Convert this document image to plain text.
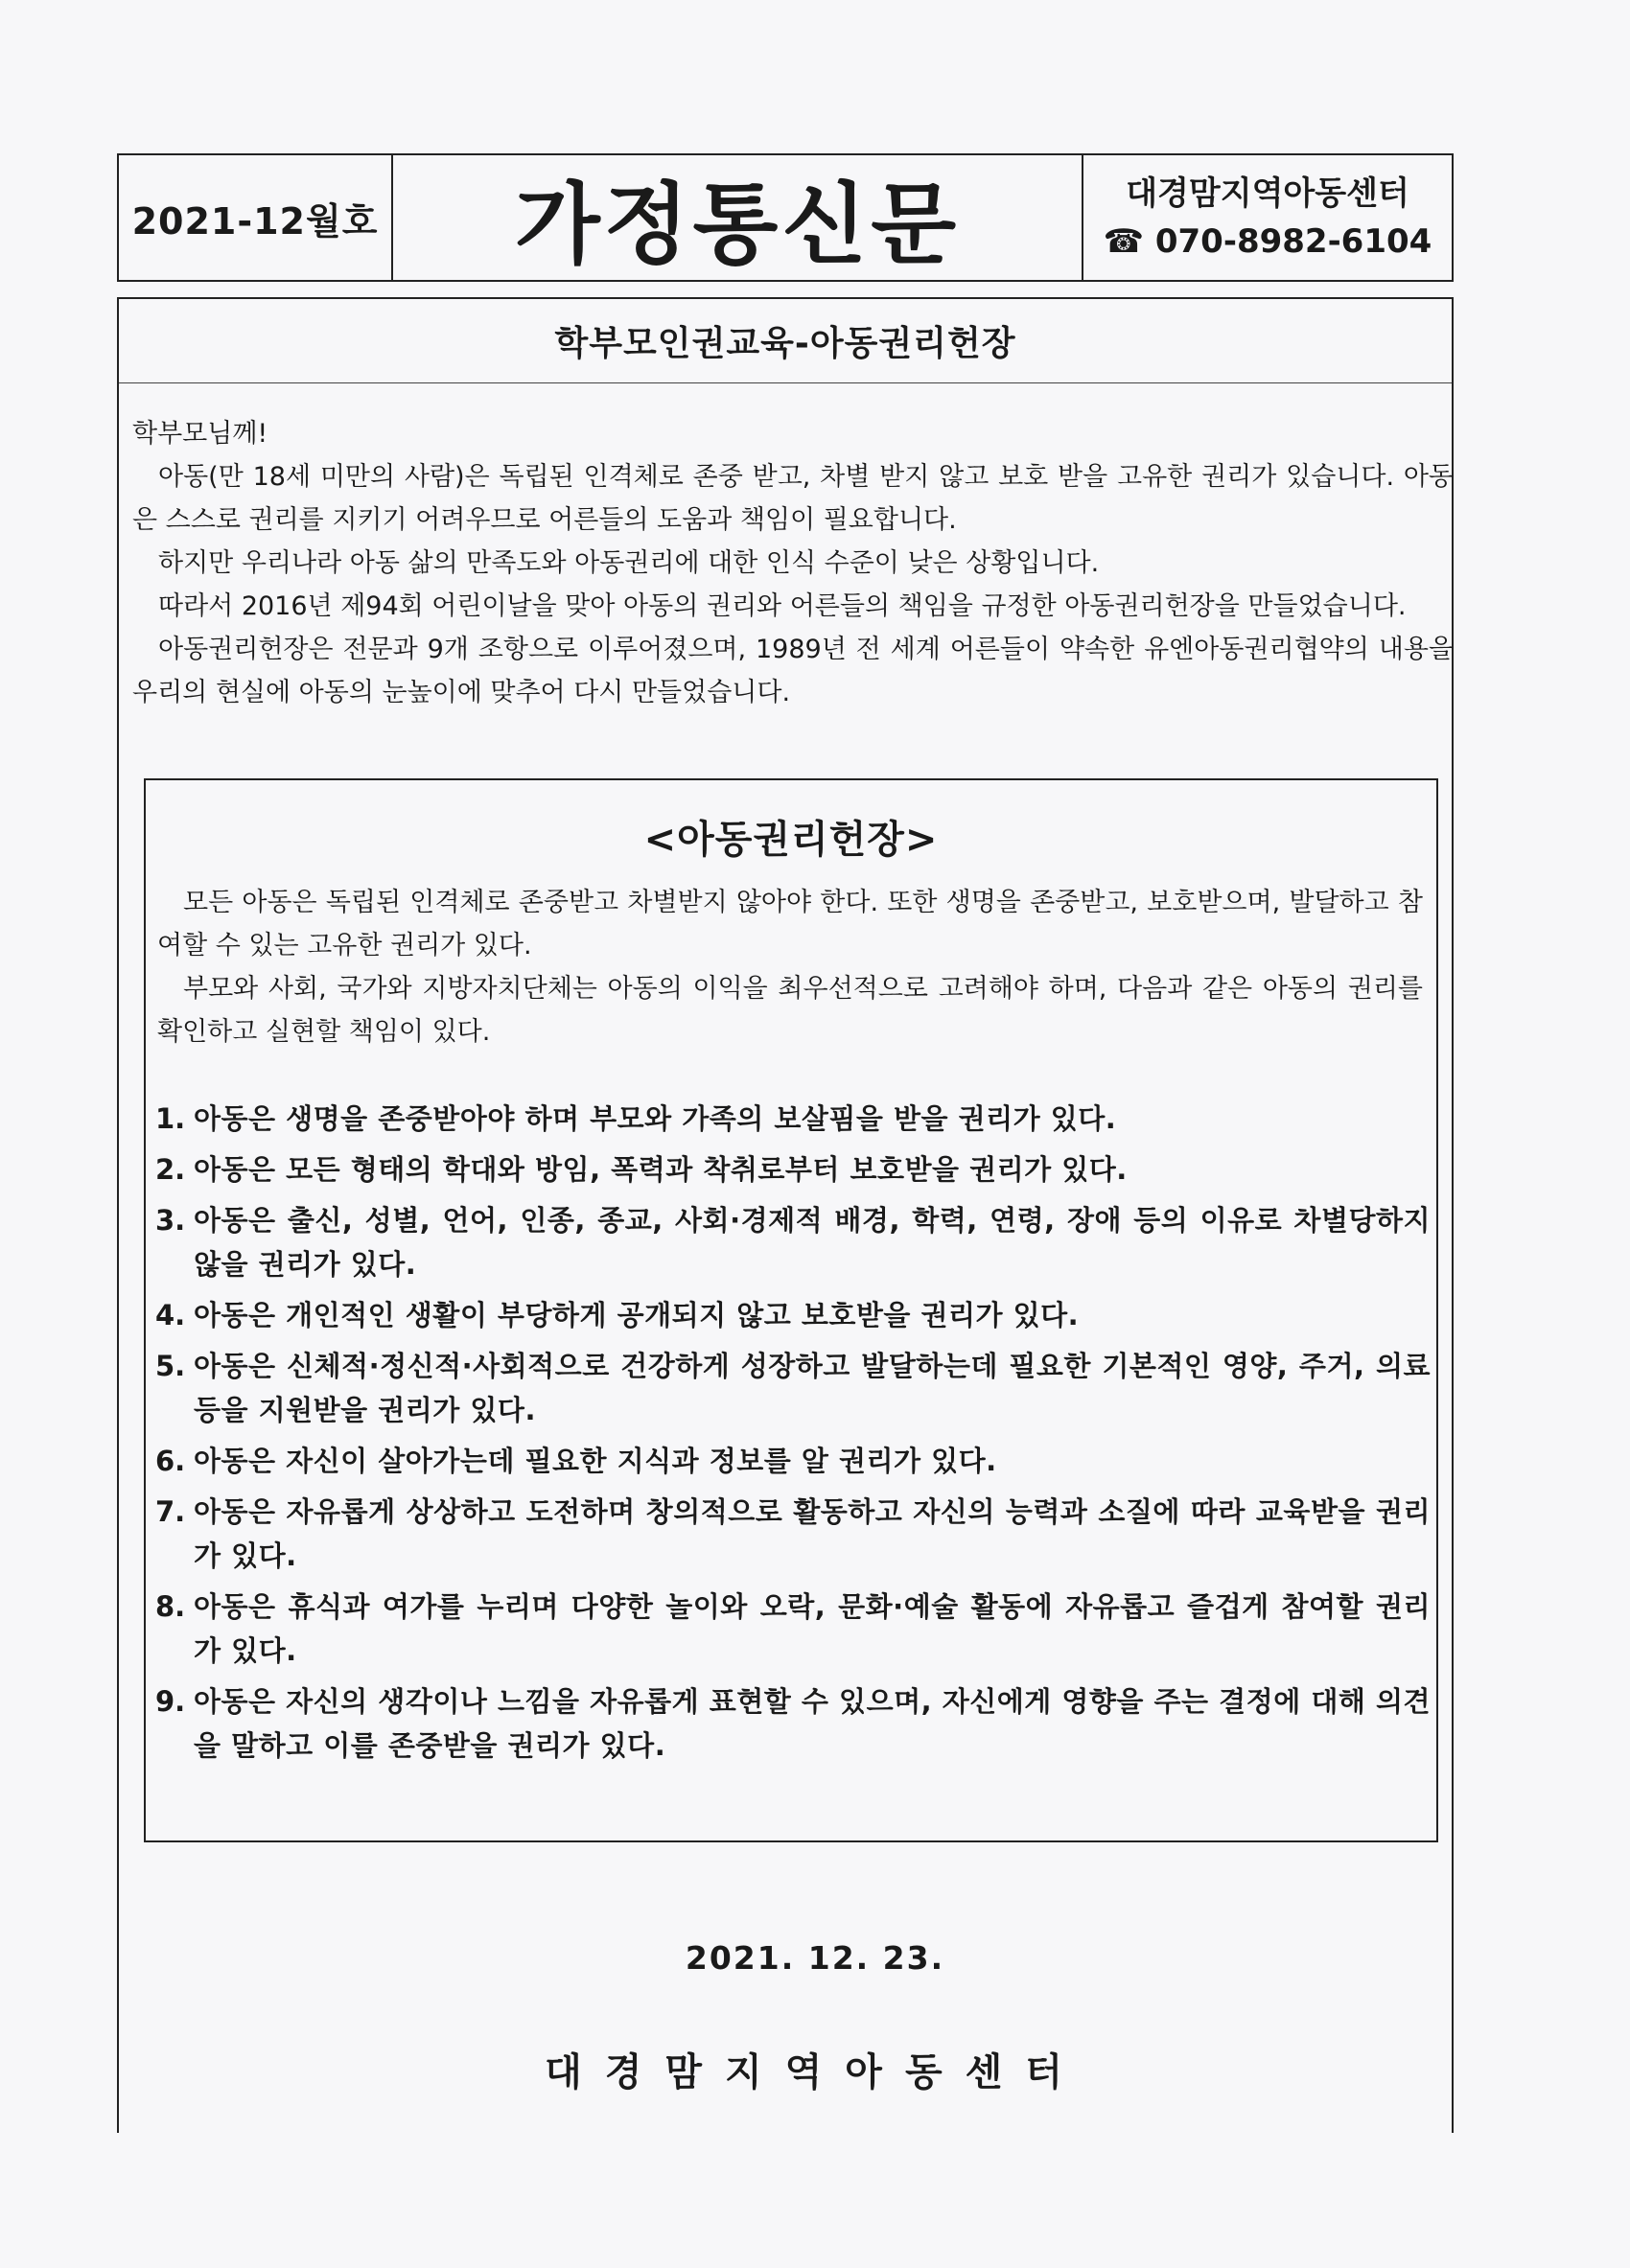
2021-12월호	가정통신문	대경맘지역아동센터
☎ 070-8982-6104
학부모인권교육-아동권리헌장

학부모님께!

아동(만 18세 미만의 사람)은 독립된 인격체로 존중 받고, 차별 받지 않고 보호 받을 고유한 권리가 있습니다. 아동은 스스로 권리를 지키기 어려우므로 어른들의 도움과 책임이 필요합니다.

하지만 우리나라 아동 삶의 만족도와 아동권리에 대한 인식 수준이 낮은 상황입니다.

따라서 2016년 제94회 어린이날을 맞아 아동의 권리와 어른들의 책임을 규정한 아동권리헌장을 만들었습니다.

아동권리헌장은 전문과 9개 조항으로 이루어졌으며, 1989년 전 세계 어른들이 약속한 유엔아동권리협약의 내용을 우리의 현실에 아동의 눈높이에 맞추어 다시 만들었습니다.

<아동권리헌장>

모든 아동은 독립된 인격체로 존중받고 차별받지 않아야 한다. 또한 생명을 존중받고, 보호받으며, 발달하고 참여할 수 있는 고유한 권리가 있다.

부모와 사회, 국가와 지방자치단체는 아동의 이익을 최우선적으로 고려해야 하며, 다음과 같은 아동의 권리를 확인하고 실현할 책임이 있다.

1. 아동은 생명을 존중받아야 하며 부모와 가족의 보살핌을 받을 권리가 있다.
2. 아동은 모든 형태의 학대와 방임, 폭력과 착취로부터 보호받을 권리가 있다.
3. 아동은 출신, 성별, 언어, 인종, 종교, 사회·경제적 배경, 학력, 연령, 장애 등의 이유로 차별당하지 않을 권리가 있다.
4. 아동은 개인적인 생활이 부당하게 공개되지 않고 보호받을 권리가 있다.
5. 아동은 신체적·정신적·사회적으로 건강하게 성장하고 발달하는데 필요한 기본적인 영양, 주거, 의료 등을 지원받을 권리가 있다.
6. 아동은 자신이 살아가는데 필요한 지식과 정보를 알 권리가 있다.
7. 아동은 자유롭게 상상하고 도전하며 창의적으로 활동하고 자신의 능력과 소질에 따라 교육받을 권리가 있다.
8. 아동은 휴식과 여가를 누리며 다양한 놀이와 오락, 문화·예술 활동에 자유롭고 즐겁게 참여할 권리가 있다.
9. 아동은 자신의 생각이나 느낌을 자유롭게 표현할 수 있으며, 자신에게 영향을 주는 결정에 대해 의견을 말하고 이를 존중받을 권리가 있다.
2021. 12. 23.
대경맘지역아동센터
